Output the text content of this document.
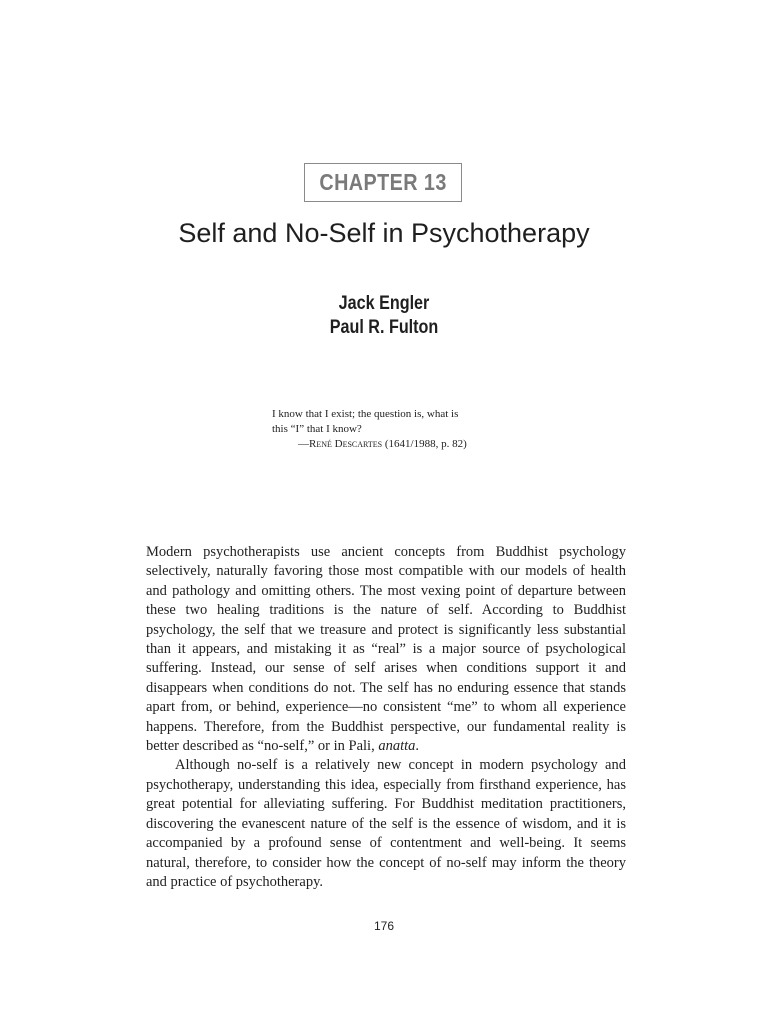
CHAPTER 13
Self and No-Self in Psychotherapy
Jack Engler
Paul R. Fulton
I know that I exist; the question is, what is
this “I” that I know?
—René Descartes (1641/1988, p. 82)

Modern psychotherapists use ancient concepts from Buddhist psychology selectively, naturally favoring those most compatible with our models of health and pathology and omitting others. The most vexing point of departure between these two healing traditions is the nature of self. According to Buddhist psychology, the self that we treasure and protect is significantly less substantial than it appears, and mistaking it as “real” is a major source of psychological suffering. Instead, our sense of self arises when conditions support it and disappears when conditions do not. The self has no enduring essence that stands apart from, or behind, experience—no consistent “me” to whom all experience happens. Therefore, from the Buddhist perspective, our fundamental reality is better described as “no-self,” or in Pali, anatta.

Although no-self is a relatively new concept in modern psychology and psychotherapy, understanding this idea, especially from firsthand experience, has great potential for alleviating suffering. For Buddhist meditation practitioners, discovering the evanescent nature of the self is the essence of wisdom, and it is accompanied by a profound sense of contentment and well-being. It seems natural, therefore, to consider how the concept of no-self may inform the theory and practice of psychotherapy.

176
